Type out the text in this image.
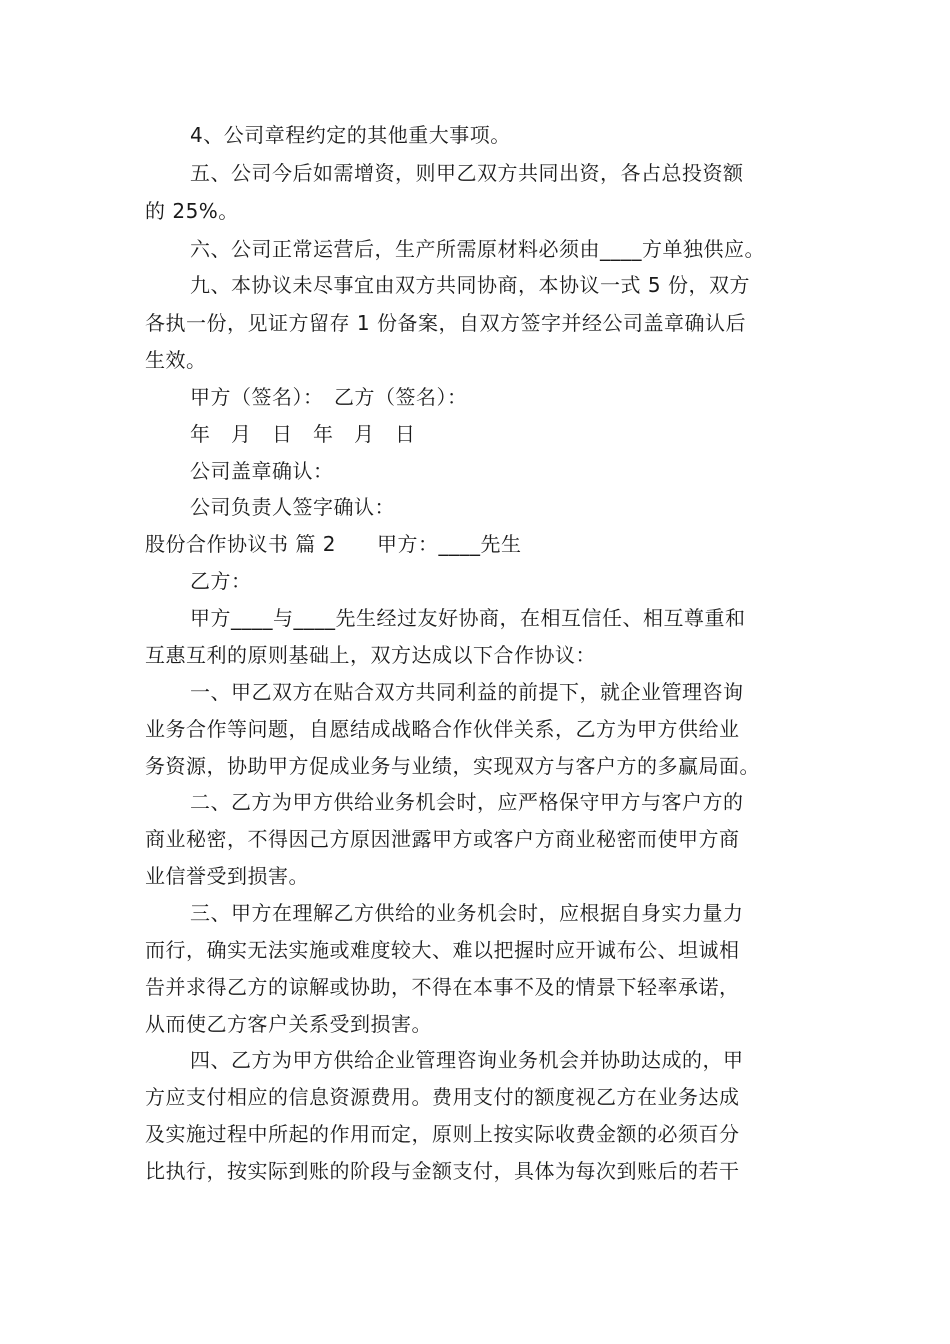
4、公司章程约定的其他重大事项。
五、公司今后如需增资，则甲乙双方共同出资，各占总投资额
的 25%。
六、公司正常运营后，生产所需原材料必须由____方单独供应。
九、本协议未尽事宜由双方共同协商，本协议一式 5 份，双方
各执一份，见证方留存 1 份备案，自双方签字并经公司盖章确认后
生效。
甲方（签名）：　乙方（签名）：
年　月　日　年　月　日
公司盖章确认：
公司负责人签字确认：
股份合作协议书 篇 2　　甲方：____先生
乙方：
甲方____与____先生经过友好协商，在相互信任、相互尊重和
互惠互利的原则基础上，双方达成以下合作协议：
一、甲乙双方在贴合双方共同利益的前提下，就企业管理咨询
业务合作等问题，自愿结成战略合作伙伴关系，乙方为甲方供给业
务资源，协助甲方促成业务与业绩，实现双方与客户方的多赢局面。
二、乙方为甲方供给业务机会时，应严格保守甲方与客户方的
商业秘密，不得因己方原因泄露甲方或客户方商业秘密而使甲方商
业信誉受到损害。
三、甲方在理解乙方供给的业务机会时，应根据自身实力量力
而行，确实无法实施或难度较大、难以把握时应开诚布公、坦诚相
告并求得乙方的谅解或协助，不得在本事不及的情景下轻率承诺，
从而使乙方客户关系受到损害。
四、乙方为甲方供给企业管理咨询业务机会并协助达成的，甲
方应支付相应的信息资源费用。费用支付的额度视乙方在业务达成
及实施过程中所起的作用而定，原则上按实际收费金额的必须百分
比执行，按实际到账的阶段与金额支付，具体为每次到账后的若干
